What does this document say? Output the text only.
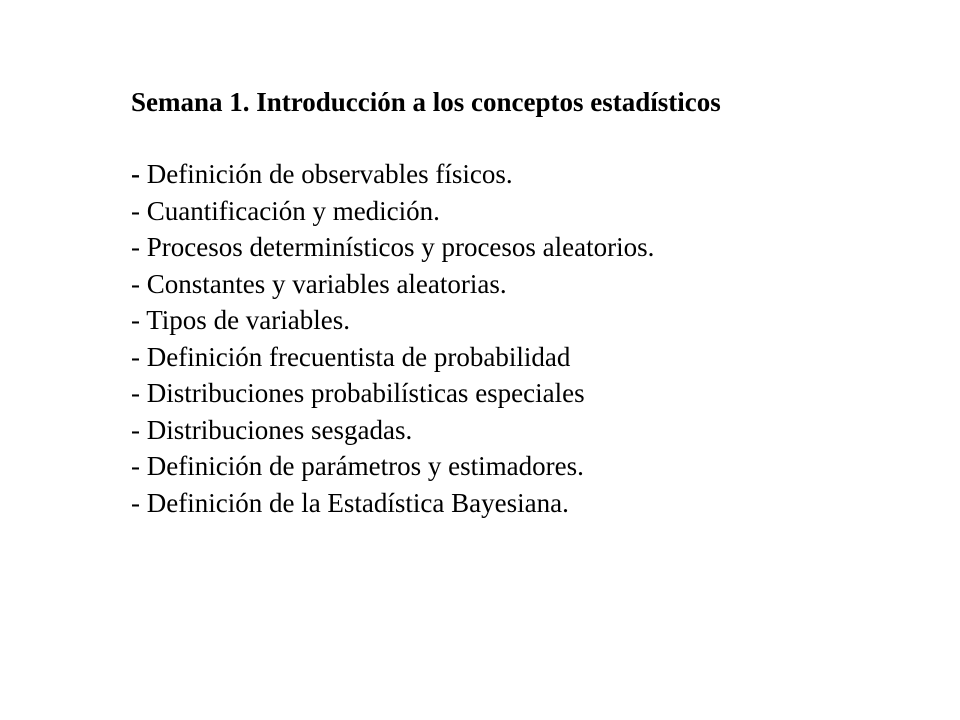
Semana 1. Introducción a los conceptos estadísticos
- Definición de observables físicos.
- Cuantificación y medición.
- Procesos determinísticos y procesos aleatorios.
- Constantes y variables aleatorias.
- Tipos de variables.
- Definición frecuentista de probabilidad
- Distribuciones probabilísticas especiales
- Distribuciones sesgadas.
- Definición de parámetros y estimadores.
- Definición de la Estadística Bayesiana.
